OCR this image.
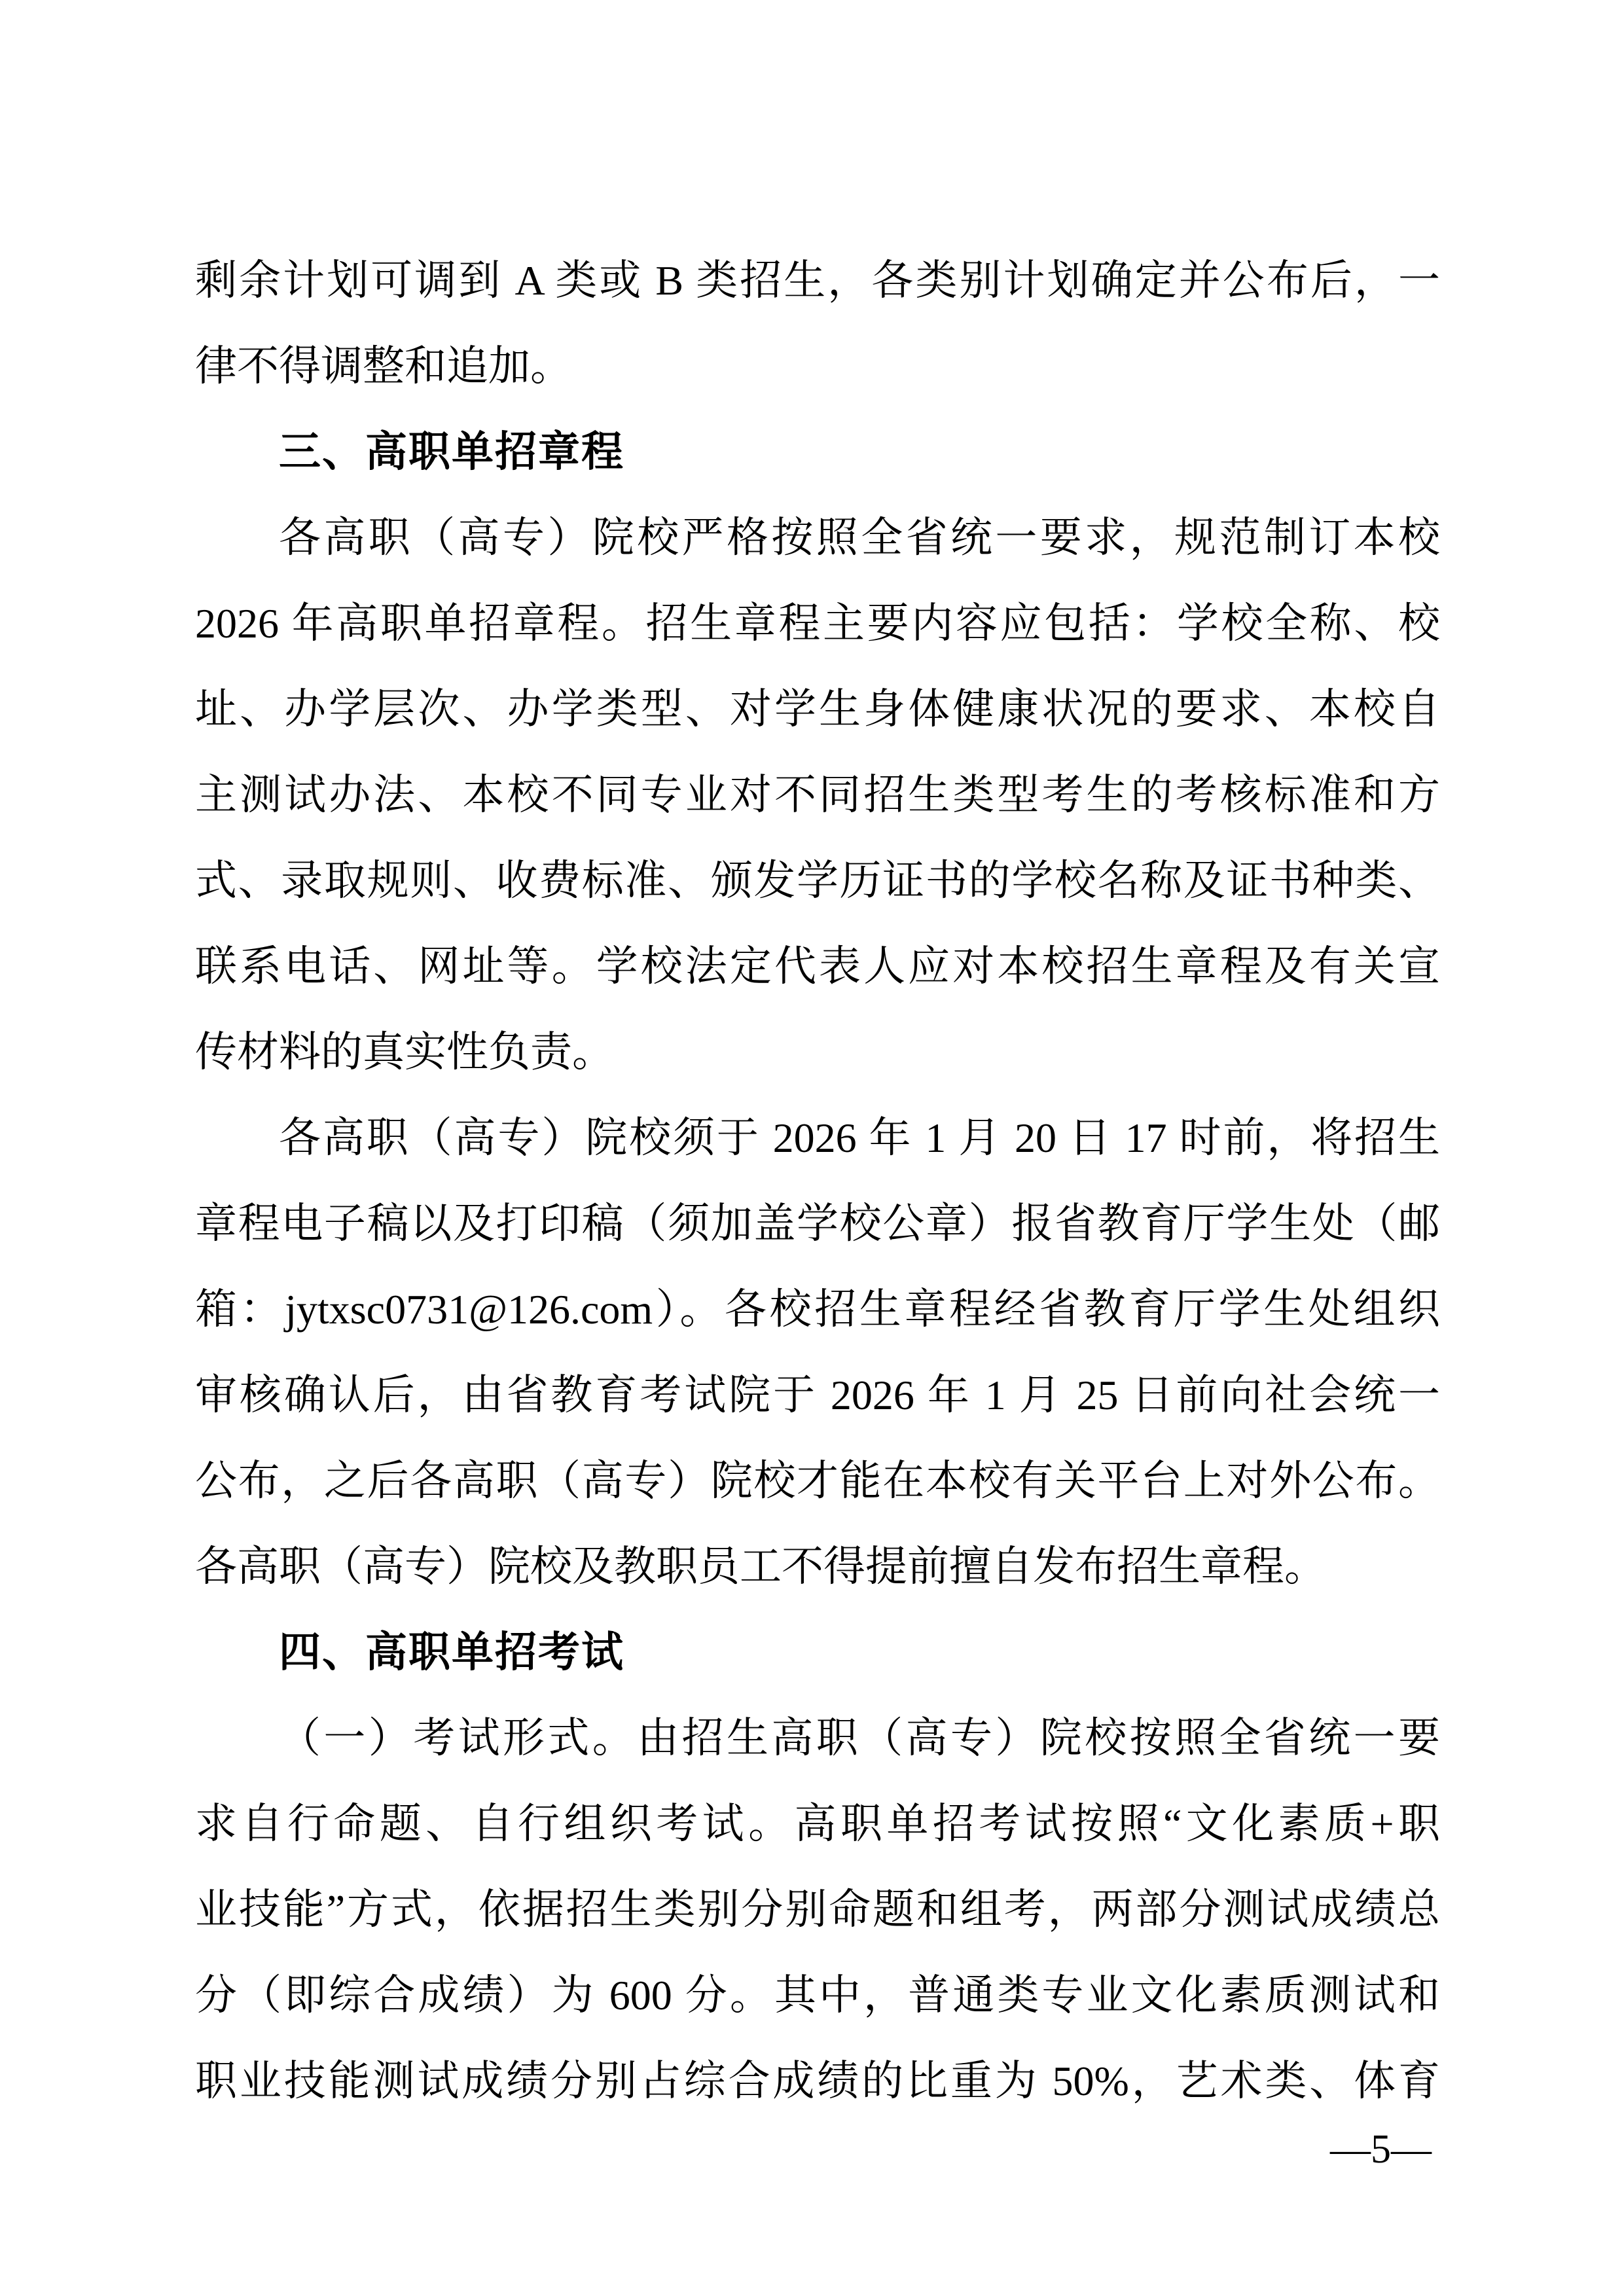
剩余计划可调到 A 类或 B 类招生，各类别计划确定并公布后，一
律不得调整和追加。
三、高职单招章程
各高职（高专）院校严格按照全省统一要求，规范制订本校
2026 年高职单招章程。招生章程主要内容应包括：学校全称、校
址、办学层次、办学类型、对学生身体健康状况的要求、本校自
主测试办法、本校不同专业对不同招生类型考生的考核标准和方
式、录取规则、收费标准、颁发学历证书的学校名称及证书种类、
联系电话、网址等。学校法定代表人应对本校招生章程及有关宣
传材料的真实性负责。
各高职（高专）院校须于 2026 年 1 月 20 日 17 时前，将招生
章程电子稿以及打印稿（须加盖学校公章）报省教育厅学生处（邮
箱：jytxsc0731@126.com）。各校招生章程经省教育厅学生处组织
审核确认后，由省教育考试院于 2026 年 1 月 25 日前向社会统一
公布，之后各高职（高专）院校才能在本校有关平台上对外公布。
各高职（高专）院校及教职员工不得提前擅自发布招生章程。
四、高职单招考试
（一）考试形式。由招生高职（高专）院校按照全省统一要
求自行命题、自行组织考试。高职单招考试按照“文化素质+职
业技能”方式，依据招生类别分别命题和组考，两部分测试成绩总
分（即综合成绩）为 600 分。其中，普通类专业文化素质测试和
职业技能测试成绩分别占综合成绩的比重为 50%，艺术类、体育
—5—
